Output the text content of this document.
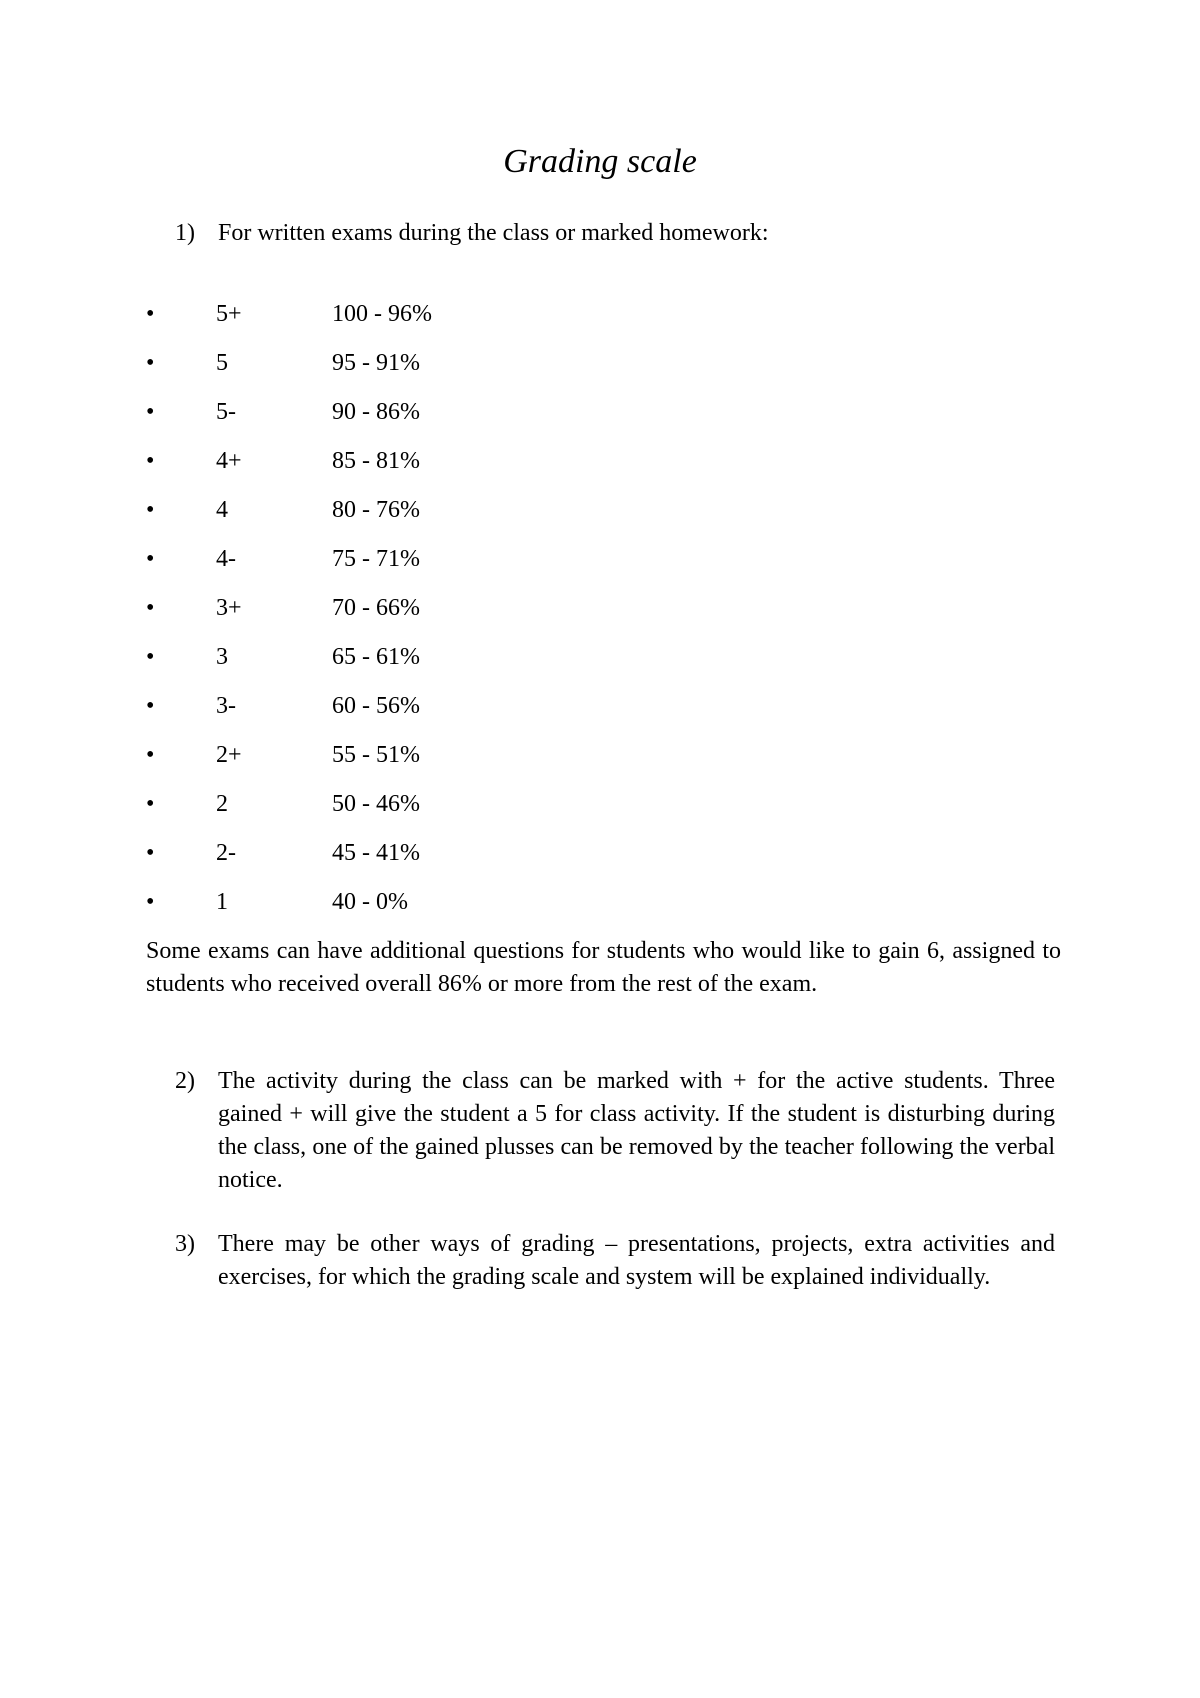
Grading scale
1) For written exams during the class or marked homework:
•	5+	100 - 96%
•	5	95 - 91%
•	5-	90 - 86%
•	4+	85 - 81%
•	4	80 - 76%
•	4-	75 - 71%
•	3+	70 - 66%
•	3	65 - 61%
•	3-	60 - 56%
•	2+	55 - 51%
•	2	50 - 46%
•	2-	45 - 41%
•	1	40 - 0%
Some exams can have additional questions for students who would like to gain 6, assigned to students who received overall 86% or more from the rest of the exam.
2) The activity during the class can be marked with + for the active students. Three gained + will give the student a 5 for class activity. If the student is disturbing during the class, one of the gained plusses can be removed by the teacher following the verbal notice.
3) There may be other ways of grading – presentations, projects, extra activities and exercises, for which the grading scale and system will be explained individually.
